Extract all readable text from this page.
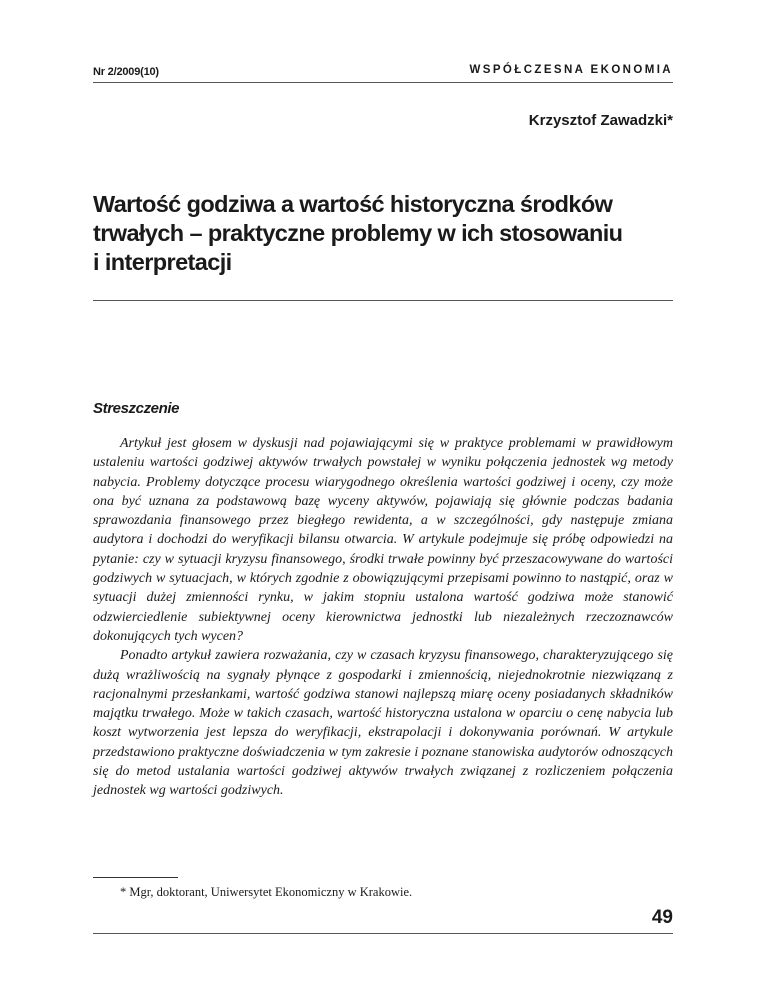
Nr 2/2009(10)	WSPÓŁCZESNA EKONOMIA
Krzysztof Zawadzki*
Wartość godziwa a wartość historyczna środków
trwałych – praktyczne problemy w ich stosowaniu
i interpretacji
Streszczenie

Artykuł jest głosem w dyskusji nad pojawiającymi się w praktyce problemami w prawidłowym ustaleniu wartości godziwej aktywów trwałych powstałej w wyniku połączenia jednostek wg metody nabycia. Problemy dotyczące procesu wiarygodnego określenia wartości godziwej i oceny, czy może ona być uznana za podstawową bazę wyceny aktywów, pojawiają się głównie podczas badania sprawozdania finansowego przez biegłego rewidenta, a w szczególności, gdy następuje zmiana audytora i dochodzi do weryfikacji bilansu otwarcia. W artykule podejmuje się próbę odpowiedzi na pytanie: czy w sytuacji kryzysu finansowego, środki trwałe powinny być przeszacowywane do wartości godziwych w sytuacjach, w których zgodnie z obowiązującymi przepisami powinno to nastąpić, oraz w sytuacji dużej zmienności rynku, w jakim stopniu ustalona wartość godziwa może stanowić odzwierciedlenie subiektywnej oceny kierownictwa jednostki lub niezależnych rzeczoznawców dokonujących tych wycen?

Ponadto artykuł zawiera rozważania, czy w czasach kryzysu finansowego, charakteryzującego się dużą wrażliwością na sygnały płynące z gospodarki i zmiennością, niejednokrotnie niezwiązaną z racjonalnymi przesłankami, wartość godziwa stanowi najlepszą miarę oceny posiadanych składników majątku trwałego. Może w takich czasach, wartość historyczna ustalona w oparciu o cenę nabycia lub koszt wytworzenia jest lepsza do weryfikacji, ekstrapolacji i dokonywania porównań. W artykule przedstawiono praktyczne doświadczenia w tym zakresie i poznane stanowiska audytorów odnoszących się do metod ustalania wartości godziwej aktywów trwałych związanej z rozliczeniem połączenia jednostek wg wartości godziwych.

* Mgr, doktorant, Uniwersytet Ekonomiczny w Krakowie.
49
